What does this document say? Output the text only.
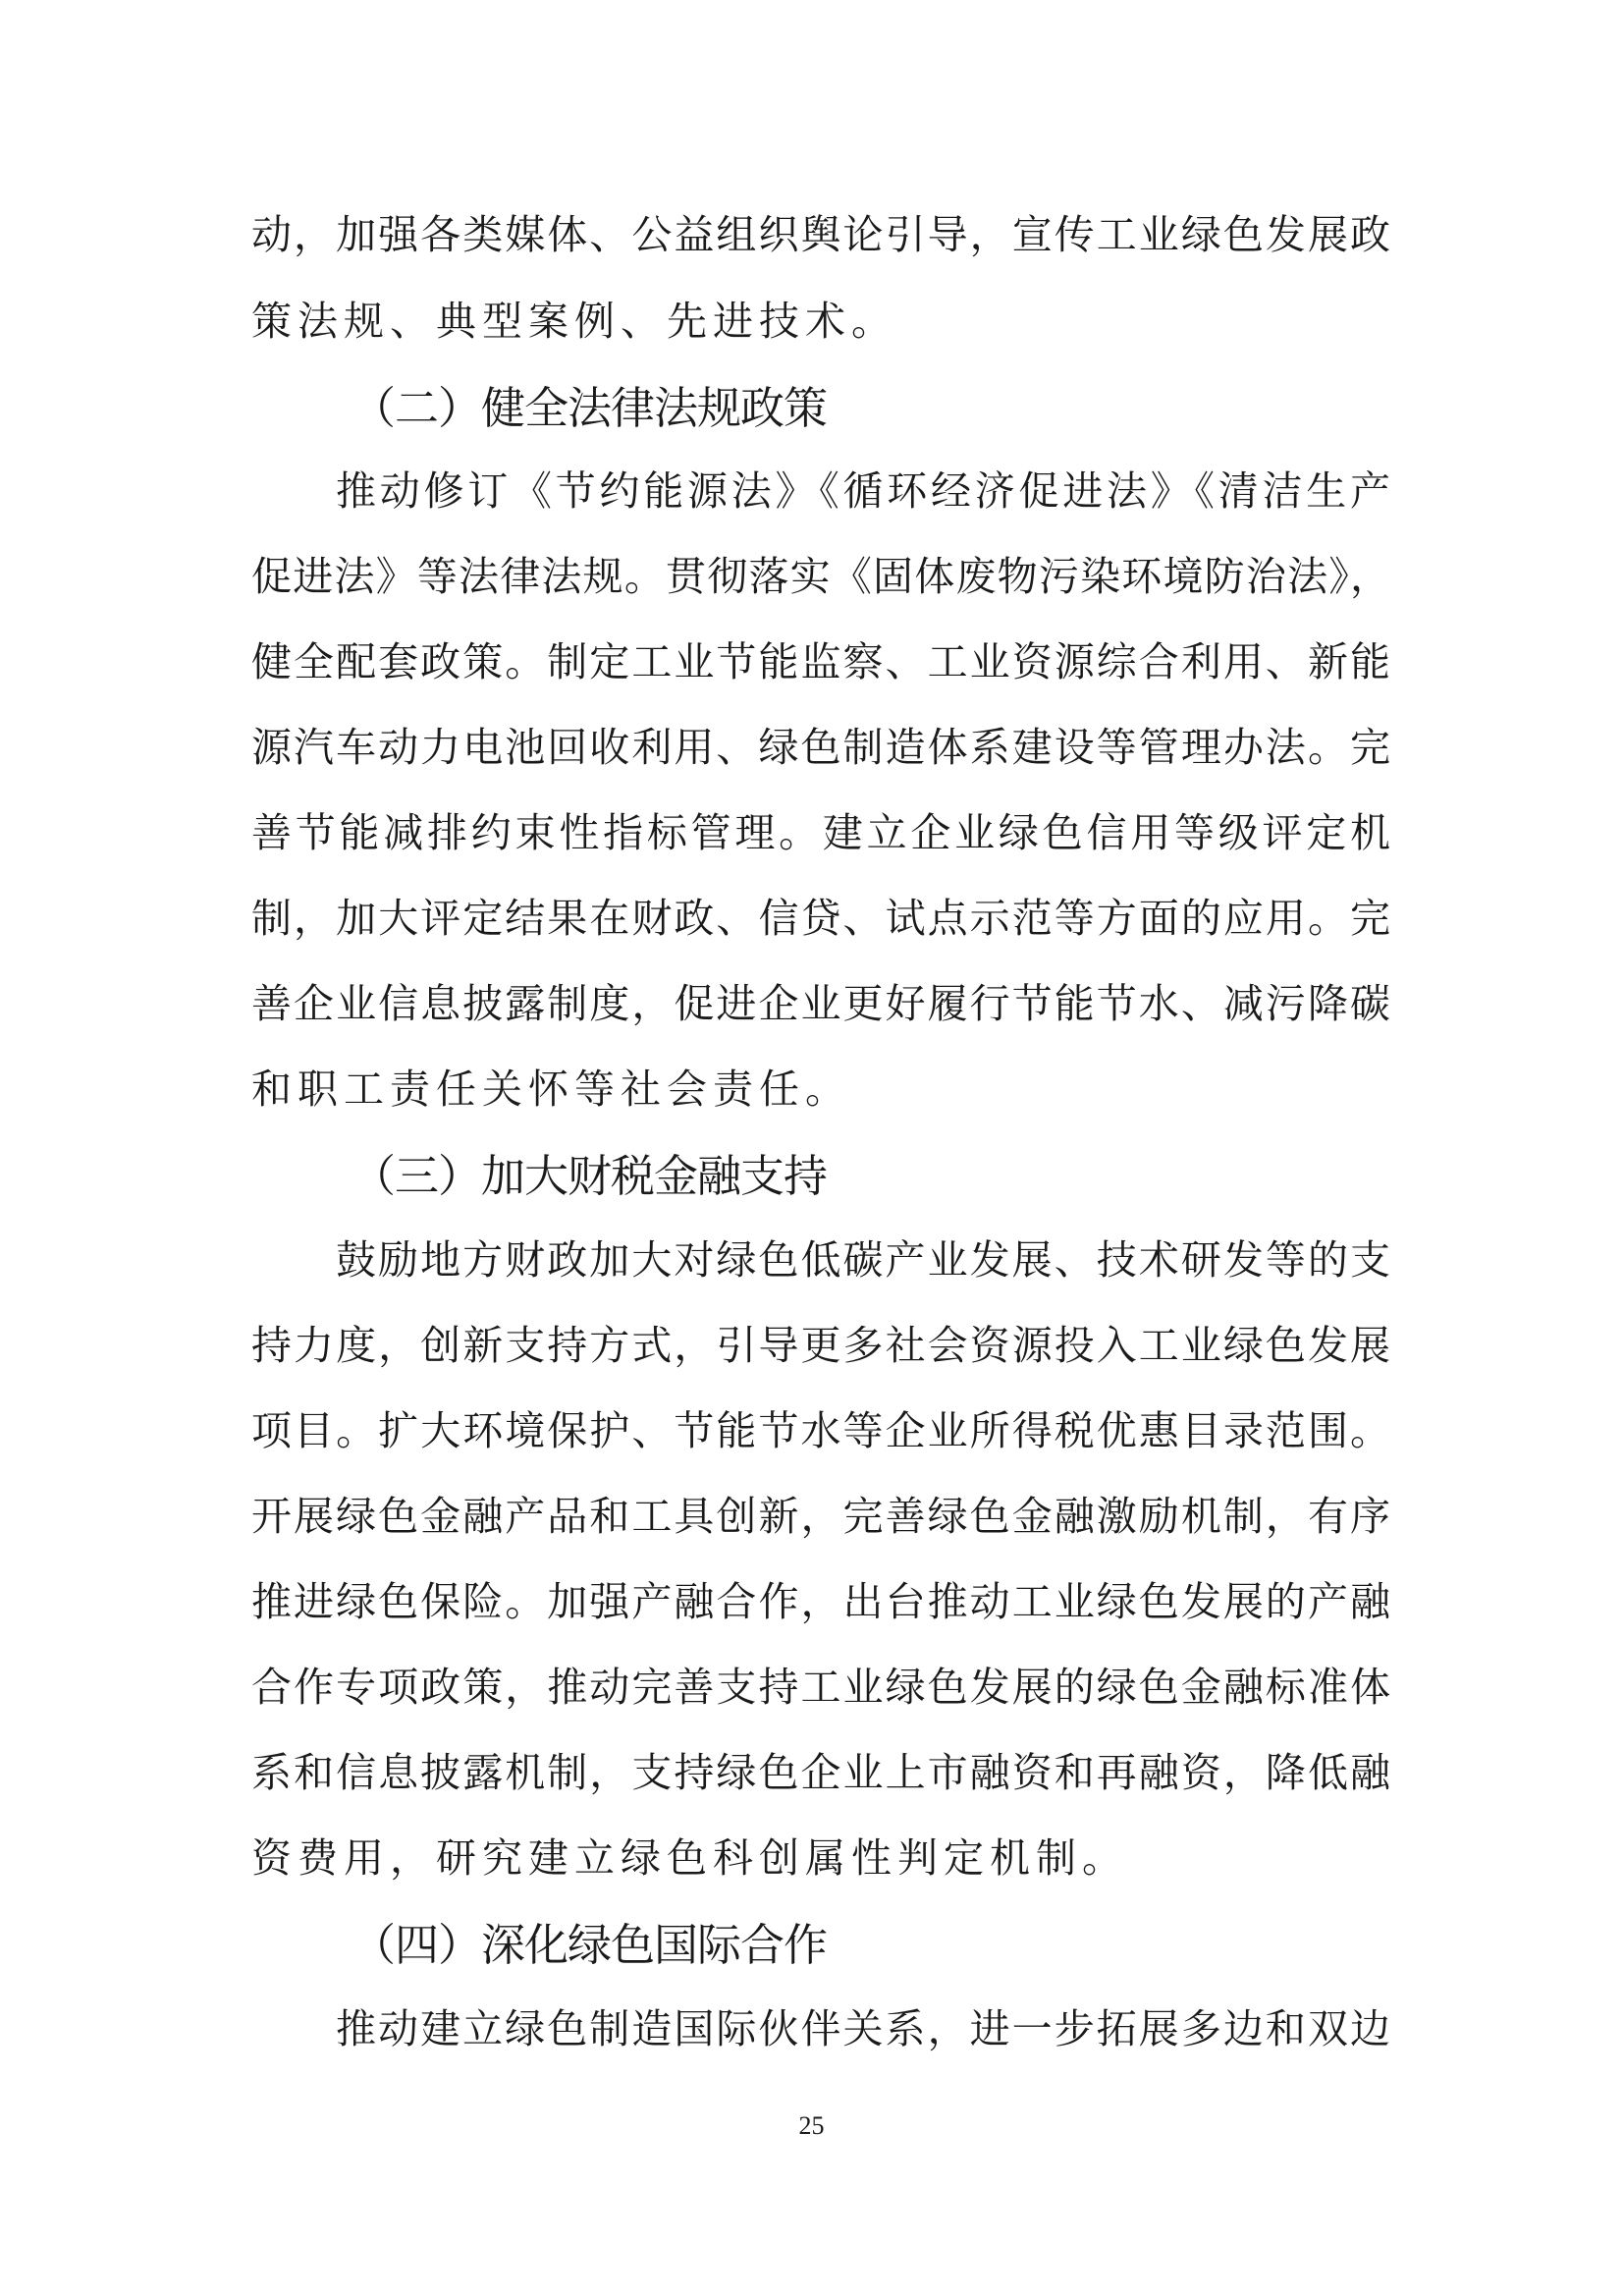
动，加强各类媒体、公益组织舆论引导，宣传工业绿色发展政
策法规、典型案例、先进技术。
（二）健全法律法规政策
推动修订《节约能源法》《循环经济促进法》《清洁生产
促进法》等法律法规。贯彻落实《固体废物污染环境防治法》，
健全配套政策。制定工业节能监察、工业资源综合利用、新能
源汽车动力电池回收利用、绿色制造体系建设等管理办法。完
善节能减排约束性指标管理。建立企业绿色信用等级评定机
制，加大评定结果在财政、信贷、试点示范等方面的应用。完
善企业信息披露制度，促进企业更好履行节能节水、减污降碳
和职工责任关怀等社会责任。
（三）加大财税金融支持
鼓励地方财政加大对绿色低碳产业发展、技术研发等的支
持力度，创新支持方式，引导更多社会资源投入工业绿色发展
项目。扩大环境保护、节能节水等企业所得税优惠目录范围。
开展绿色金融产品和工具创新，完善绿色金融激励机制，有序
推进绿色保险。加强产融合作，出台推动工业绿色发展的产融
合作专项政策，推动完善支持工业绿色发展的绿色金融标准体
系和信息披露机制，支持绿色企业上市融资和再融资，降低融
资费用，研究建立绿色科创属性判定机制。
（四）深化绿色国际合作
推动建立绿色制造国际伙伴关系，进一步拓展多边和双边
25
